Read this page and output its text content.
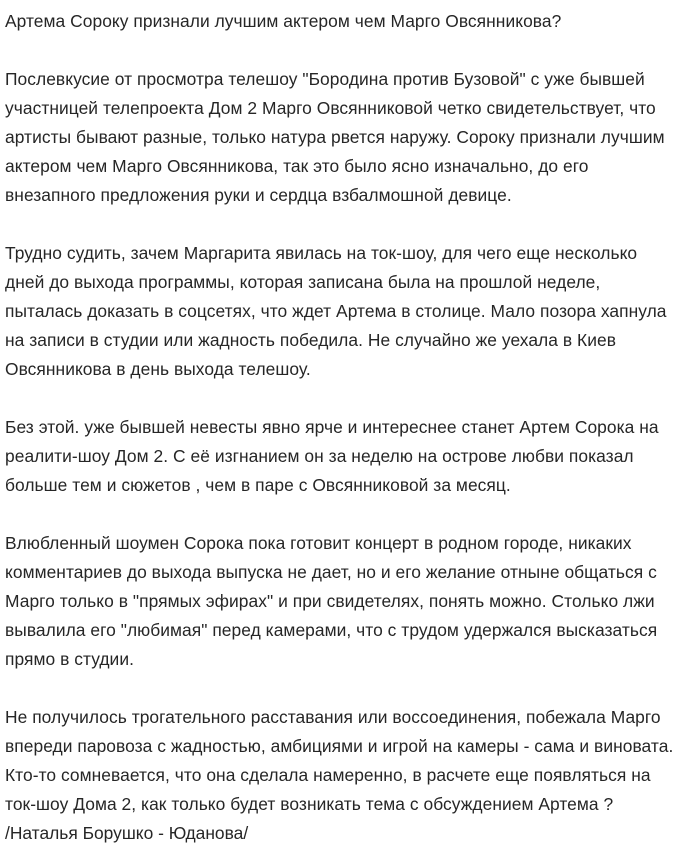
Артема Сороку признали лучшим актером чем Марго Овсянникова?

Послевкусие от просмотра телешоу "Бородина против Бузовой" с уже бывшей участницей телепроекта Дом 2 Марго Овсянниковой четко свидетельствует, что артисты бывают разные, только натура рвется наружу. Сороку признали лучшим актером чем Марго Овсянникова, так это было ясно изначально, до его внезапного предложения руки и сердца взбалмошной девице.

Трудно судить, зачем Маргарита явилась на ток-шоу, для чего еще несколько дней до выхода программы, которая записана была на прошлой неделе, пыталась доказать в соцсетях, что ждет Артема в столице. Мало позора хапнула на записи в студии или жадность победила. Не случайно же уехала в Киев Овсянникова в день выхода телешоу.

Без этой. уже бывшей невесты явно ярче и интереснее станет Артем Сорока на реалити-шоу Дом 2. С её изгнанием он за неделю на острове любви показал больше тем и сюжетов , чем в паре с Овсянниковой за месяц.

Влюбленный шоумен Сорока пока готовит концерт в родном городе, никаких комментариев до выхода выпуска не дает, но и его желание отныне общаться с Марго только в "прямых эфирах" и при свидетелях, понять можно. Столько лжи вывалила его "любимая" перед камерами, что с трудом удержался высказаться прямо в студии.

Не получилось трогательного расставания или воссоединения, побежала Марго впереди паровоза с жадностью, амбициями и игрой на камеры - сама и виновата. Кто-то сомневается, что она сделала намеренно, в расчете еще появляться на ток-шоу Дома 2, как только будет возникать тема с обсуждением Артема ?

/Наталья Борушко - Юданова/
